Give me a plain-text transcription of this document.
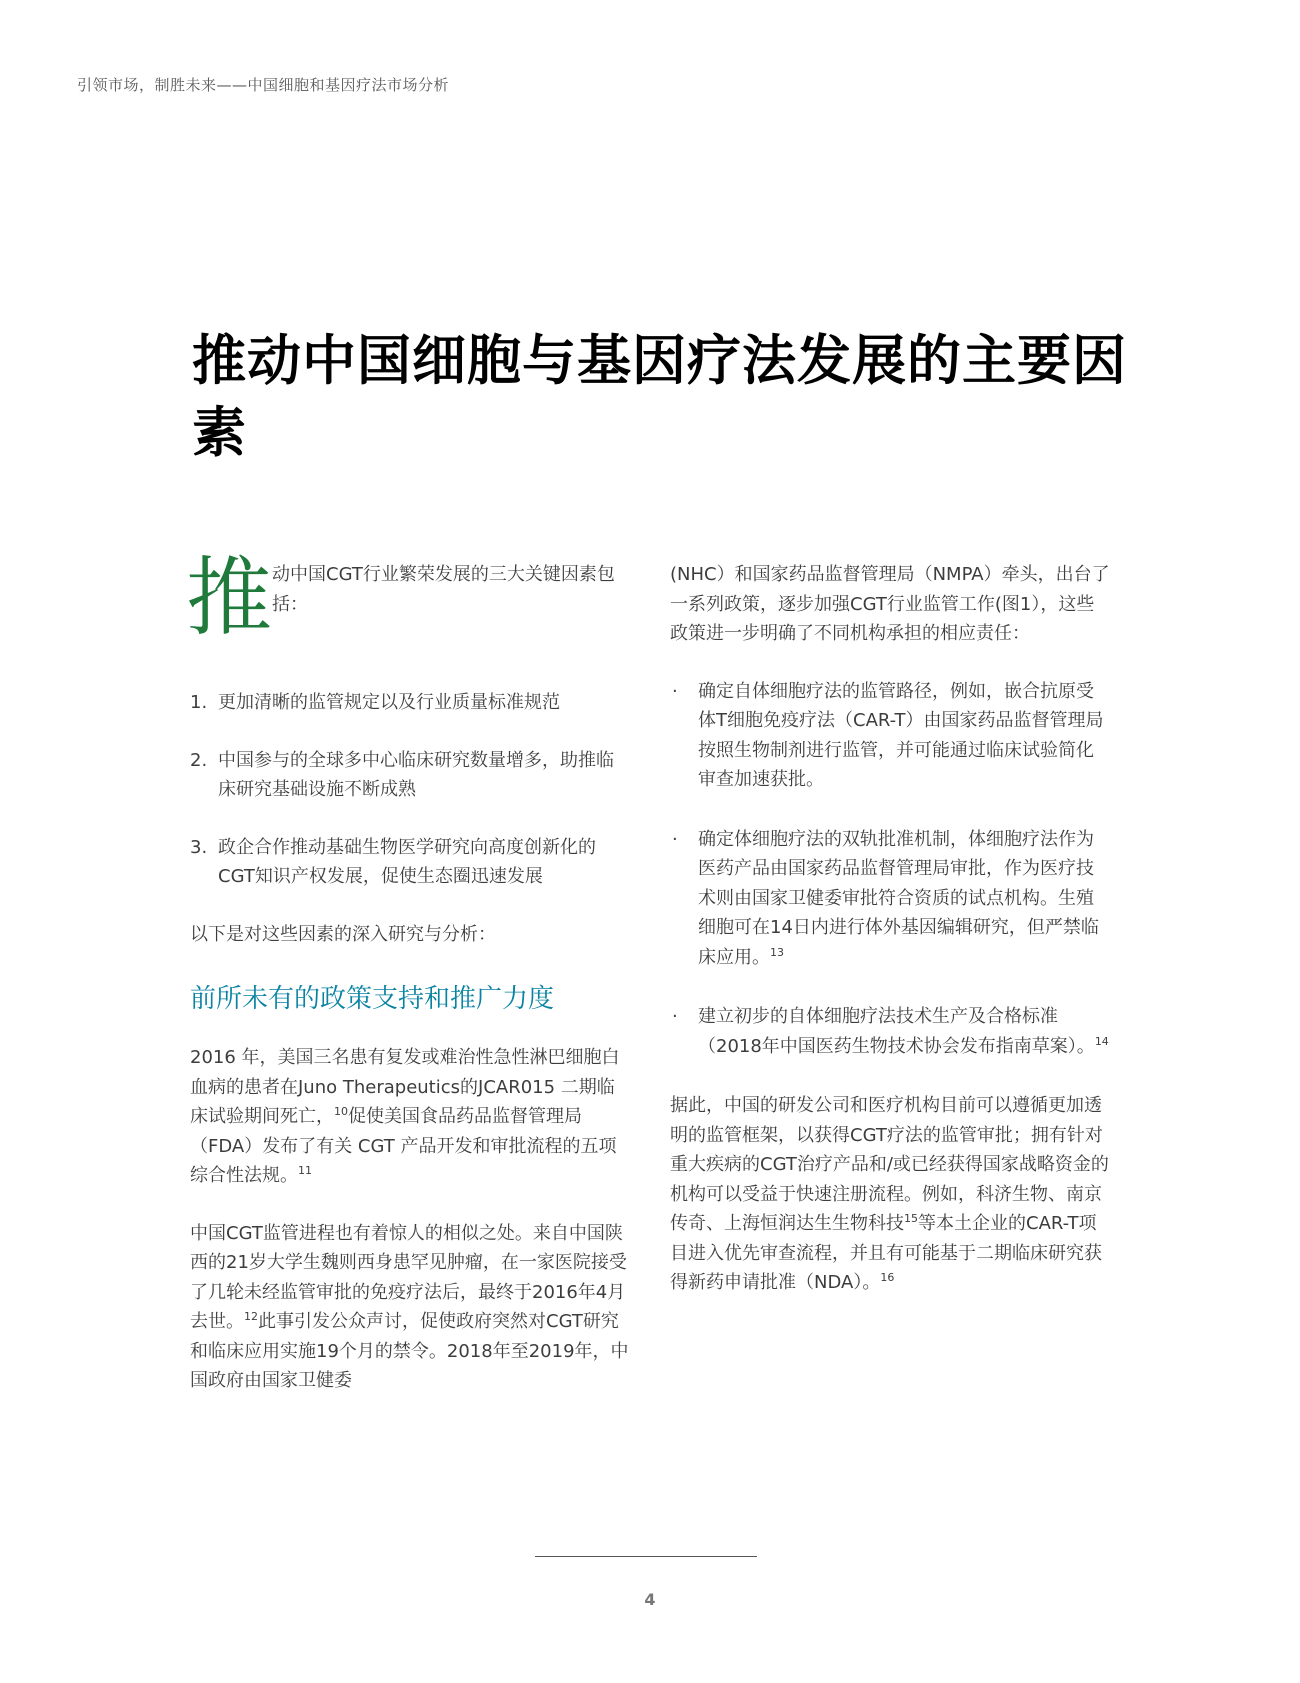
引领市场，制胜未来——中国细胞和基因疗法市场分析
推动中国细胞与基因疗法发展的主要因素
推 动中国CGT行业繁荣发展的三大关键因素包括：
1. 更加清晰的监管规定以及行业质量标准规范
2. 中国参与的全球多中心临床研究数量增多，助推临床研究基础设施不断成熟
3. 政企合作推动基础生物医学研究向高度创新化的CGT知识产权发展，促使生态圈迅速发展

以下是对这些因素的深入研究与分析：

前所未有的政策支持和推广力度

2016 年，美国三名患有复发或难治性急性淋巴细胞白血病的患者在Juno Therapeutics的JCAR015 二期临床试验期间死亡，$^{10}$促使美国食品药品监督管理局（FDA）发布了有关 CGT 产品开发和审批流程的五项综合性法规。$^{11}$

中国CGT监管进程也有着惊人的相似之处。来自中国陕西的21岁大学生魏则西身患罕见肿瘤，在一家医院接受了几轮未经监管审批的免疫疗法后，最终于2016年4月去世。$^{12}$此事引发公众声讨，促使政府突然对CGT研究和临床应用实施19个月的禁令。2018年至2019年，中国政府由国家卫健委

(NHC）和国家药品监督管理局（NMPA）牵头，出台了一系列政策，逐步加强CGT行业监管工作(图1），这些政策进一步明确了不同机构承担的相应责任：

· 确定自体细胞疗法的监管路径，例如，嵌合抗原受体T细胞免疫疗法（CAR-T）由国家药品监督管理局按照生物制剂进行监管，并可能通过临床试验简化审查加速获批。
· 确定体细胞疗法的双轨批准机制，体细胞疗法作为医药产品由国家药品监督管理局审批，作为医疗技术则由国家卫健委审批符合资质的试点机构。生殖细胞可在14日内进行体外基因编辑研究，但严禁临床应用。$^{13}$
· 建立初步的自体细胞疗法技术生产及合格标准（2018年中国医药生物技术协会发布指南草案）。$^{14}$

据此，中国的研发公司和医疗机构目前可以遵循更加透明的监管框架，以获得CGT疗法的监管审批；拥有针对重大疾病的CGT治疗产品和/或已经获得国家战略资金的机构可以受益于快速注册流程。例如，科济生物、南京传奇、上海恒润达生生物科技$^{15}$等本土企业的CAR-T项目进入优先审查流程，并且有可能基于二期临床研究获得新药申请批准（NDA）。$^{16}$

4
